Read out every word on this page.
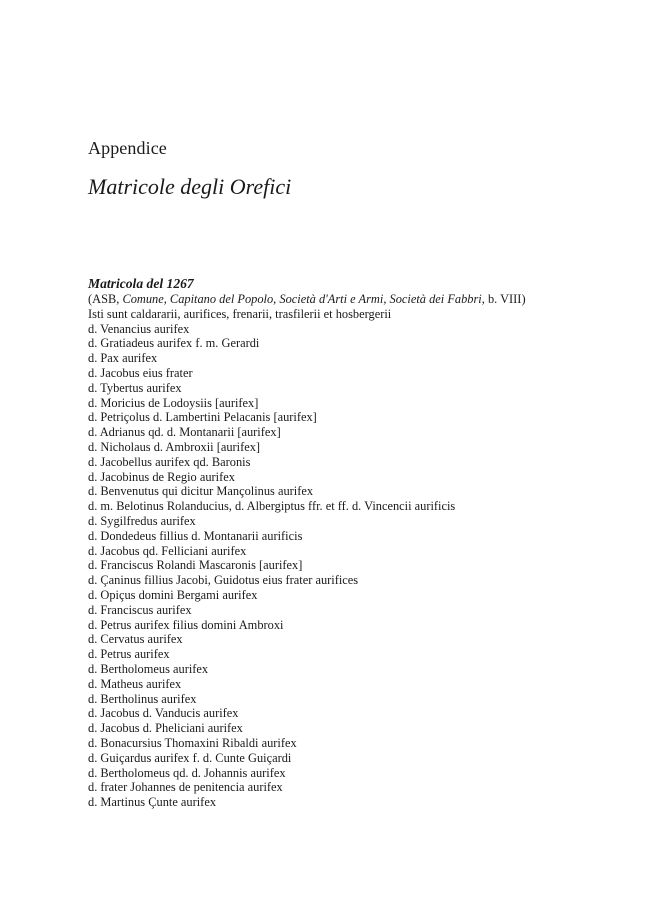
Appendice
Matricole degli Orefici

Matricola del 1267

(ASB, Comune, Capitano del Popolo, Società d'Arti e Armi, Società dei Fabbri, b. VIII)

Isti sunt caldararii, aurifices, frenarii, trasfilerii et hosbergerii

d. Venancius aurifex
d. Gratiadeus aurifex f. m. Gerardi
d. Pax aurifex
d. Jacobus eius frater
d. Tybertus aurifex
d. Moricius de Lodoysiis [aurifex]
d. Petriçolus d. Lambertini Pelacanis [aurifex]
d. Adrianus qd. d. Montanarii [aurifex]
d. Nicholaus d. Ambroxii [aurifex]
d. Jacobellus aurifex qd. Baronis
d. Jacobinus de Regio aurifex
d. Benvenutus qui dicitur Mançolinus aurifex
d. m. Belotinus Rolanducius, d. Albergiptus ffr. et ff. d. Vincencii aurificis
d. Sygilfredus aurifex
d. Dondedeus fillius d. Montanarii aurificis
d. Jacobus qd. Felliciani aurifex
d. Franciscus Rolandi Mascaronis [aurifex]
d. Çaninus fillius Jacobi, Guidotus eius frater aurifices
d. Opiçus domini Bergami aurifex
d. Franciscus aurifex
d. Petrus aurifex filius domini Ambroxi
d. Cervatus aurifex
d. Petrus aurifex
d. Bertholomeus aurifex
d. Matheus aurifex
d. Bertholinus aurifex
d. Jacobus d. Vanducis aurifex
d. Jacobus d. Pheliciani aurifex
d. Bonacursius Thomaxini Ribaldi aurifex
d. Guiçardus aurifex f. d. Cunte Guiçardi
d. Bertholomeus qd. d. Johannis aurifex
d. frater Johannes de penitencia aurifex
d. Martinus Çunte aurifex
